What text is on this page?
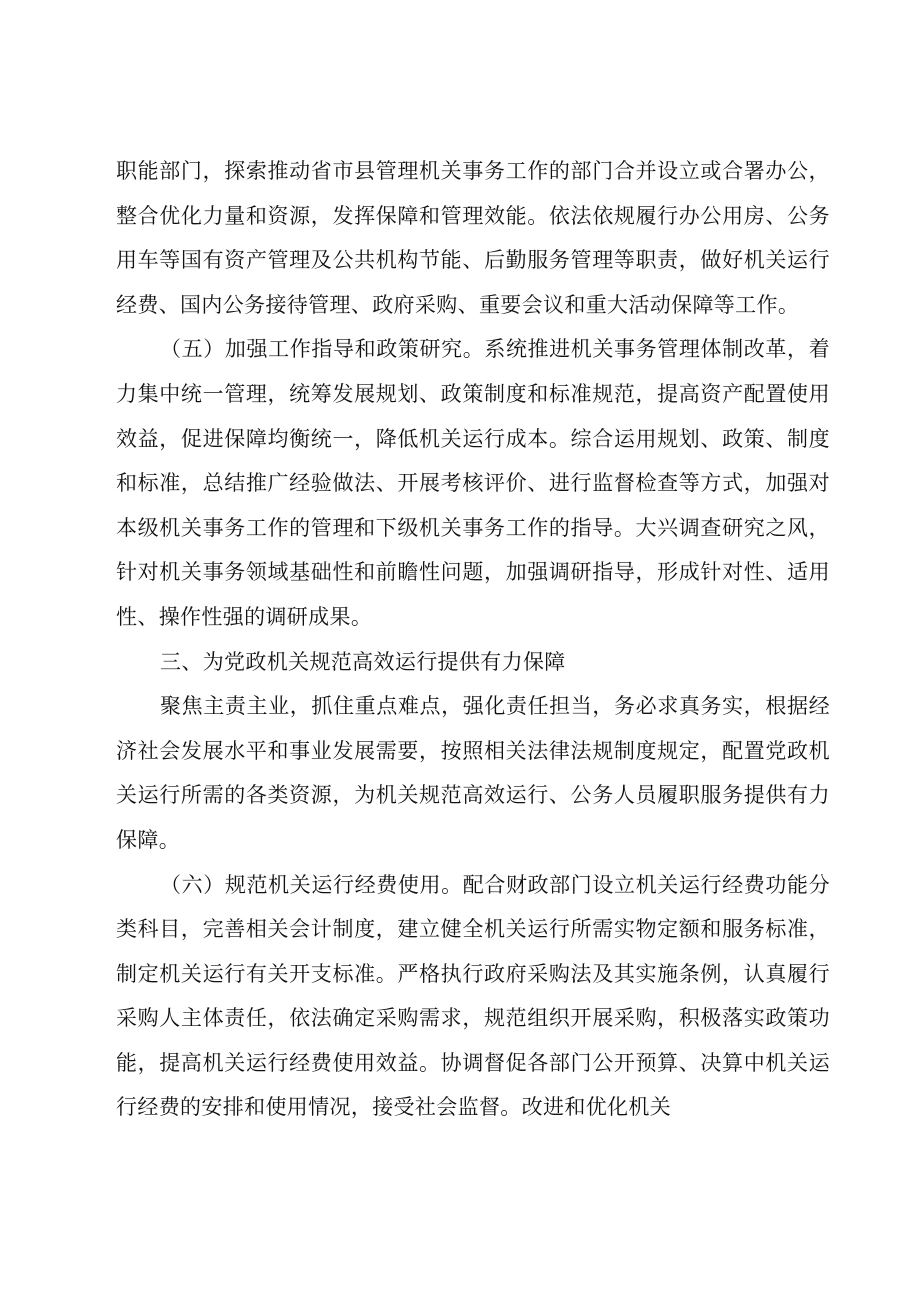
职能部门，探索推动省市县管理机关事务工作的部门合并设立或合署办公，整合优化力量和资源，发挥保障和管理效能。依法依规履行办公用房、公务用车等国有资产管理及公共机构节能、后勤服务管理等职责，做好机关运行经费、国内公务接待管理、政府采购、重要会议和重大活动保障等工作。

（五）加强工作指导和政策研究。系统推进机关事务管理体制改革，着力集中统一管理，统筹发展规划、政策制度和标准规范，提高资产配置使用效益，促进保障均衡统一，降低机关运行成本。综合运用规划、政策、制度和标准，总结推广经验做法、开展考核评价、进行监督检查等方式，加强对本级机关事务工作的管理和下级机关事务工作的指导。大兴调查研究之风，针对机关事务领域基础性和前瞻性问题，加强调研指导，形成针对性、适用性、操作性强的调研成果。

三、为党政机关规范高效运行提供有力保障

聚焦主责主业，抓住重点难点，强化责任担当，务必求真务实，根据经济社会发展水平和事业发展需要，按照相关法律法规制度规定，配置党政机关运行所需的各类资源，为机关规范高效运行、公务人员履职服务提供有力保障。

（六）规范机关运行经费使用。配合财政部门设立机关运行经费功能分类科目，完善相关会计制度，建立健全机关运行所需实物定额和服务标准，制定机关运行有关开支标准。严格执行政府采购法及其实施条例，认真履行采购人主体责任，依法确定采购需求，规范组织开展采购，积极落实政策功能，提高机关运行经费使用效益。协调督促各部门公开预算、决算中机关运行经费的安排和使用情况，接受社会监督。改进和优化机关
